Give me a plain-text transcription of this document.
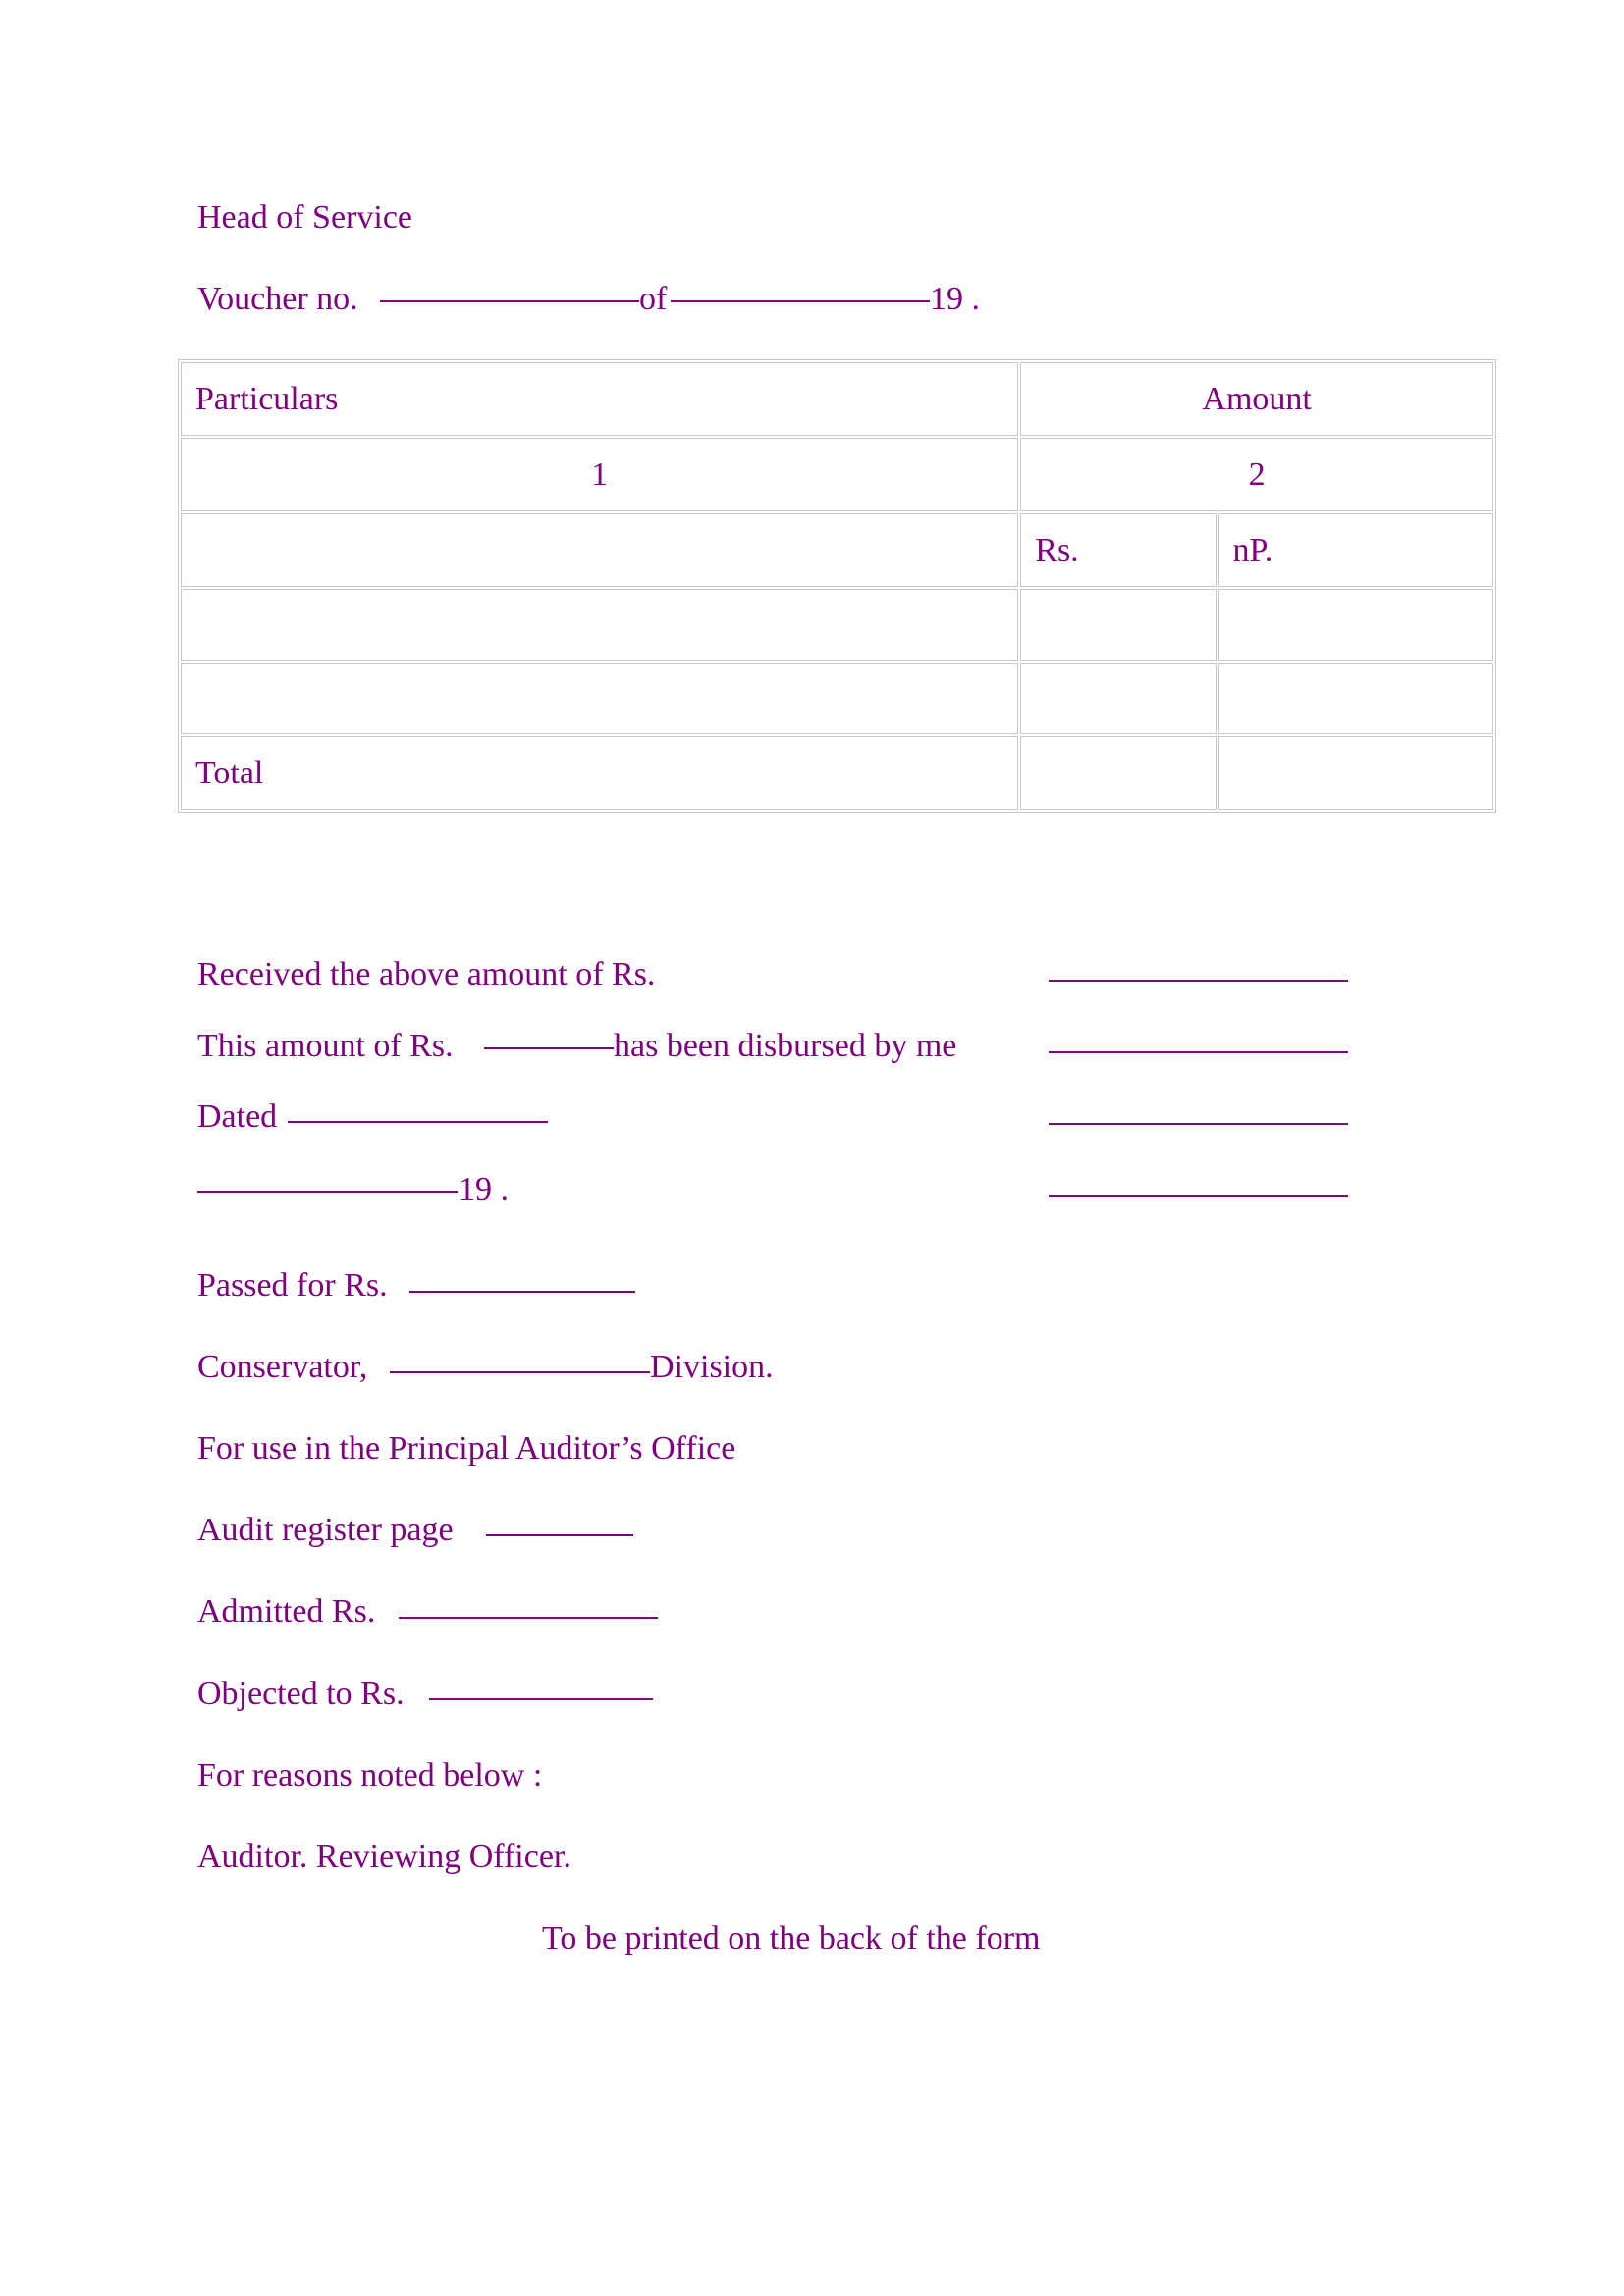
Head of Service
Voucher no.	of	19 .
Particulars	Amount	
1	2	
	Rs.	nP.

Total		
Received the above amount of Rs.
This amount of Rs.	has been disbursed by me
Dated
19 .
Passed for Rs.
Conservator,	Division.
For use in the Principal Auditor’s Office
Audit register page
Admitted Rs.
Objected to Rs.
For reasons noted below :
Auditor. Reviewing Officer.
To be printed on the back of the form
